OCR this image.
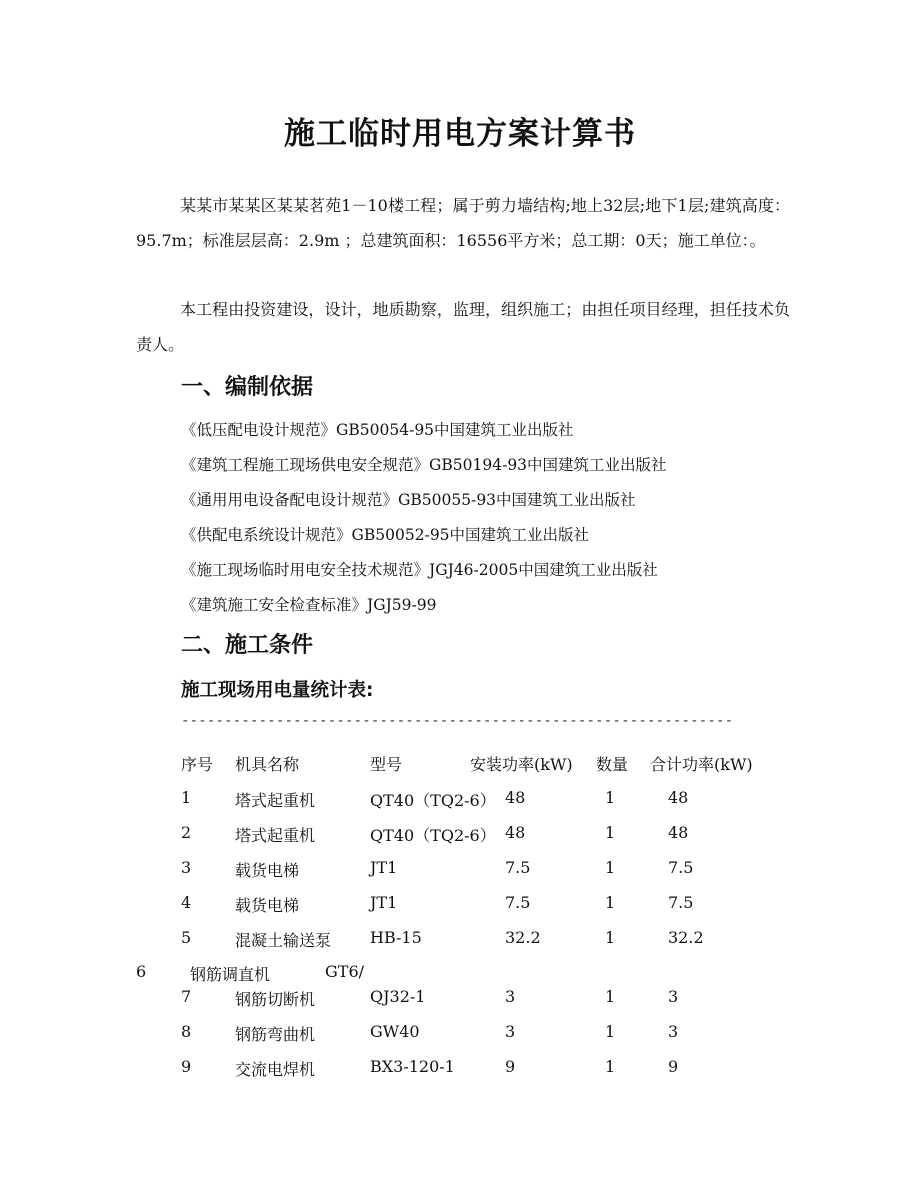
施工临时用电方案计算书
某某市某某区某某茗苑1－10楼工程；属于剪力墙结构;地上32层;地下1层;建筑高度：95.7m；标准层层高：2.9m ；总建筑面积：16556平方米；总工期：0天；施工单位：。
本工程由投资建设，设计，地质勘察，监理，组织施工；由担任项目经理，担任技术负责人。
一、编制依据
《低压配电设计规范》GB50054-95中国建筑工业出版社
《建筑工程施工现场供电安全规范》GB50194-93中国建筑工业出版社
《通用用电设备配电设计规范》GB50055-93中国建筑工业出版社
《供配电系统设计规范》GB50052-95中国建筑工业出版社
《施工现场临时用电安全技术规范》JGJ46-2005中国建筑工业出版社
《建筑施工安全检查标准》JGJ59-99
二、施工条件
施工现场用电量统计表:
----------------------------------------------------------------
序号 机具名称	型号	安装功率(kW) 数量 合计功率(kW)
1	塔式起重机	QT40（TQ2-6） 48	1	48
2	塔式起重机	QT40（TQ2-6） 48	1	48
3	载货电梯	JT1	7.5	1	7.5
4	载货电梯	JT1	7.5	1	7.5
5	混凝土输送泵 HB-15	32.2	1	32.2
6	钢筋调直机	GT6/
7	钢筋切断机	QJ32-1	3	1	3
8	钢筋弯曲机	GW40	3	1	3
9	交流电焊机	BX3-120-1	9	1	9
